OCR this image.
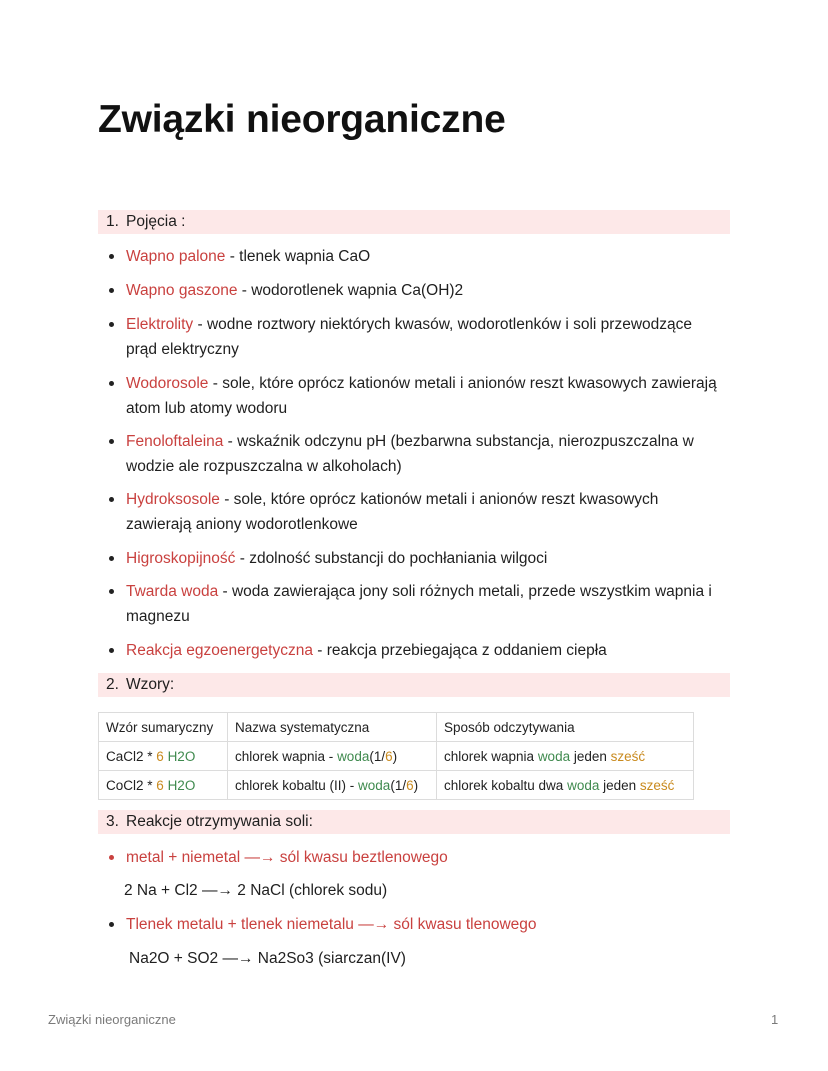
Związki nieorganiczne
1. Pojęcia :
Wapno palone - tlenek wapnia CaO
Wapno gaszone - wodorotlenek wapnia Ca(OH)2
Elektrolity - wodne roztwory niektórych kwasów, wodorotlenków i soli przewodzące prąd elektryczny
Wodorosole - sole, które oprócz kationów metali i anionów reszt kwasowych zawierają atom lub atomy wodoru
Fenoloftaleina - wskaźnik odczynu pH (bezbarwna substancja, nierozpuszczalna w wodzie ale rozpuszczalna w alkoholach)
Hydroksosole - sole, które oprócz kationów metali i anionów reszt kwasowych zawierają aniony wodorotlenkowe
Higroskopijność - zdolność substancji do pochłaniania wilgoci
Twarda woda - woda zawierająca jony soli różnych metali, przede wszystkim wapnia i magnezu
Reakcja egzoenergetyczna - reakcja przebiegająca z oddaniem ciepła
2. Wzory:
Wzór sumaryczny	Nazwa systematyczna	Sposób odczytywania
CaCl2 * 6 H2O	chlorek wapnia - woda(1/6)	chlorek wapnia woda jeden sześć
CoCl2 * 6 H2O	chlorek kobaltu (II) - woda(1/6)	chlorek kobaltu dwa woda jeden sześć
3. Reakcje otrzymywania soli:
metal + niemetal —→ sól kwasu beztlenowego
2 Na + Cl2 —→ 2 NaCl (chlorek sodu)
Tlenek metalu + tlenek niemetalu —→ sól kwasu tlenowego
Na2O + SO2 —→ Na2So3 (siarczan(IV)
Związki nieorganiczne	1
